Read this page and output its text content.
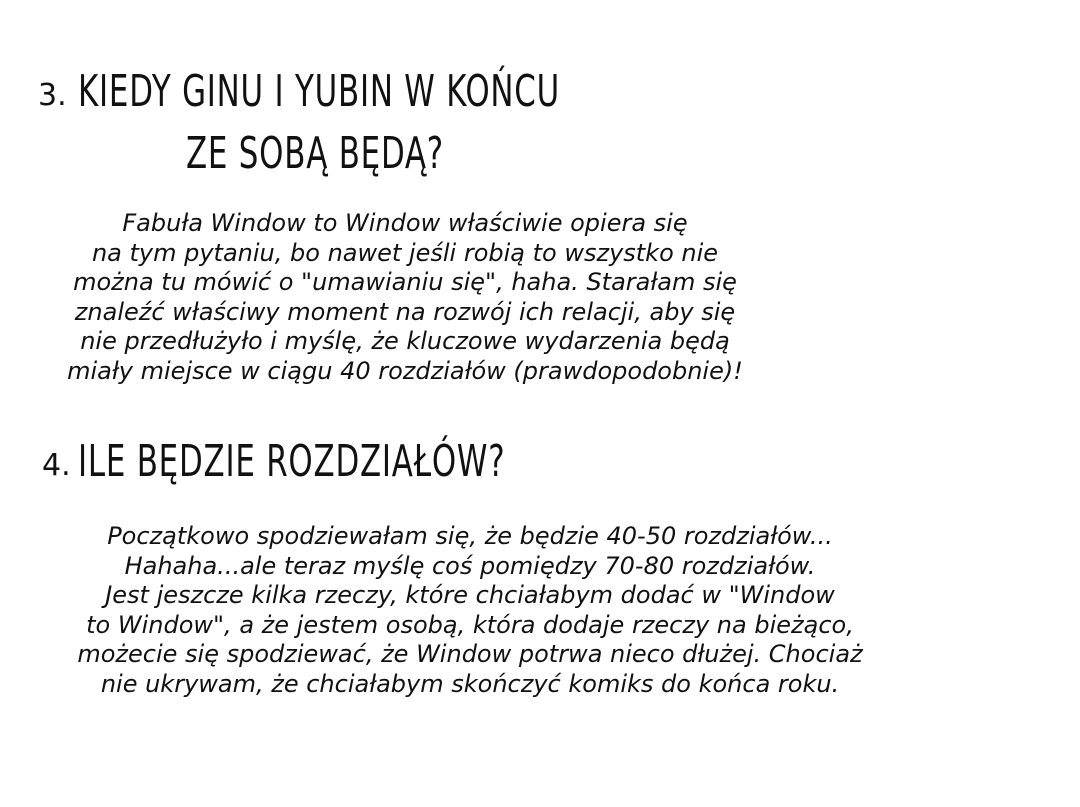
3. KIEDY GINU I YUBIN W KOŃCU
ZE SOBĄ BĘDĄ?
Fabuła Window to Window właściwie opiera się
na tym pytaniu, bo nawet jeśli robią to wszystko nie
można tu mówić o "umawianiu się", haha. Starałam się
znaleźć właściwy moment na rozwój ich relacji, aby się
nie przedłużyło i myślę, że kluczowe wydarzenia będą
miały miejsce w ciągu 40 rozdziałów (prawdopodobnie)!
4. ILE BĘDZIE ROZDZIAŁÓW?
Początkowo spodziewałam się, że będzie 40-50 rozdziałów...
Hahaha...ale teraz myślę coś pomiędzy 70-80 rozdziałów.
Jest jeszcze kilka rzeczy, które chciałabym dodać w "Window
to Window", a że jestem osobą, która dodaje rzeczy na bieżąco,
możecie się spodziewać, że Window potrwa nieco dłużej. Chociaż
nie ukrywam, że chciałabym skończyć komiks do końca roku.
